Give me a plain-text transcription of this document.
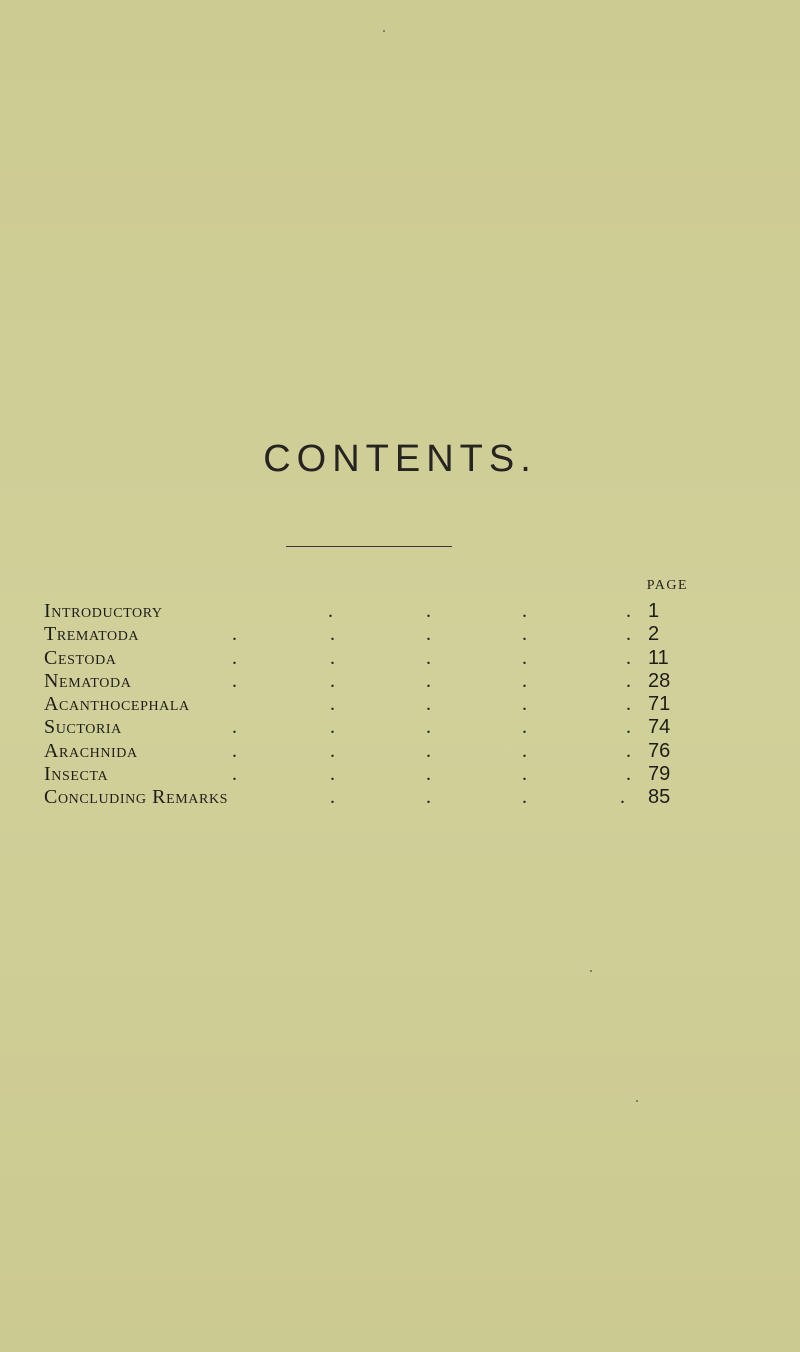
CONTENTS.
PAGE
Introductory	.	.	.	. 1
Trematoda	.	.	.	.	. 2
Cestoda	.	.	.	.	. 11
Nematoda	.	.	.	.	. 28
Acanthocephala	.	.	.	. 71
Suctoria	.	.	.	.	. 74
Arachnida	.	.	.	.	. 76
Insecta	.	.	.	.	. 79
Concluding Remarks	.	.	.	. 85
